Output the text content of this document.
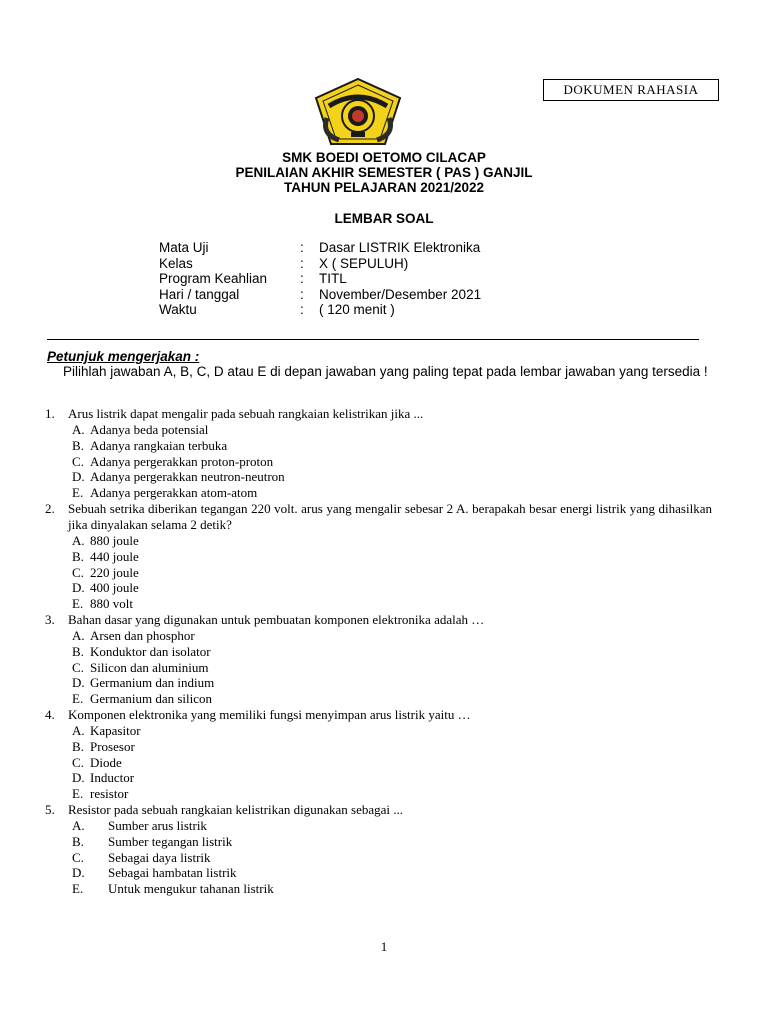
DOKUMEN RAHASIA
SMK BOEDI OETOMO CILACAP
PENILAIAN AKHIR SEMESTER ( PAS ) GANJIL
TAHUN PELAJARAN 2021/2022
LEMBAR SOAL
Mata Uji	: Dasar LISTRIK Elektronika
Kelas	: X ( SEPULUH)
Program Keahlian : TITL
Hari / tanggal	: November/Desember 2021
Waktu	: ( 120 menit )
Petunjuk mengerjakan :
Pilihlah jawaban A, B, C, D atau E di depan jawaban yang paling tepat pada lembar jawaban yang tersedia !
1. Arus listrik dapat mengalir pada sebuah rangkaian kelistrikan jika ...
A. Adanya beda potensial
B. Adanya rangkaian terbuka
C. Adanya pergerakkan proton-proton
D. Adanya pergerakkan neutron-neutron
E. Adanya pergerakkan atom-atom
2. Sebuah setrika diberikan tegangan 220 volt. arus yang mengalir sebesar 2 A. berapakah besar energi listrik yang dihasilkan jika dinyalakan selama 2 detik?
A. 880 joule
B. 440 joule
C. 220 joule
D. 400 joule
E. 880 volt
3. Bahan dasar yang digunakan untuk pembuatan komponen elektronika adalah …
A. Arsen dan phosphor
B. Konduktor dan isolator
C. Silicon dan aluminium
D. Germanium dan indium
E. Germanium dan silicon
4. Komponen elektronika yang memiliki fungsi menyimpan arus listrik yaitu …
A. Kapasitor
B. Prosesor
C. Diode
D. Inductor
E. resistor
5. Resistor pada sebuah rangkaian kelistrikan digunakan sebagai ...
A. Sumber arus listrik
B. Sumber tegangan listrik
C. Sebagai daya listrik
D. Sebagai hambatan listrik
E. Untuk mengukur tahanan listrik
1
